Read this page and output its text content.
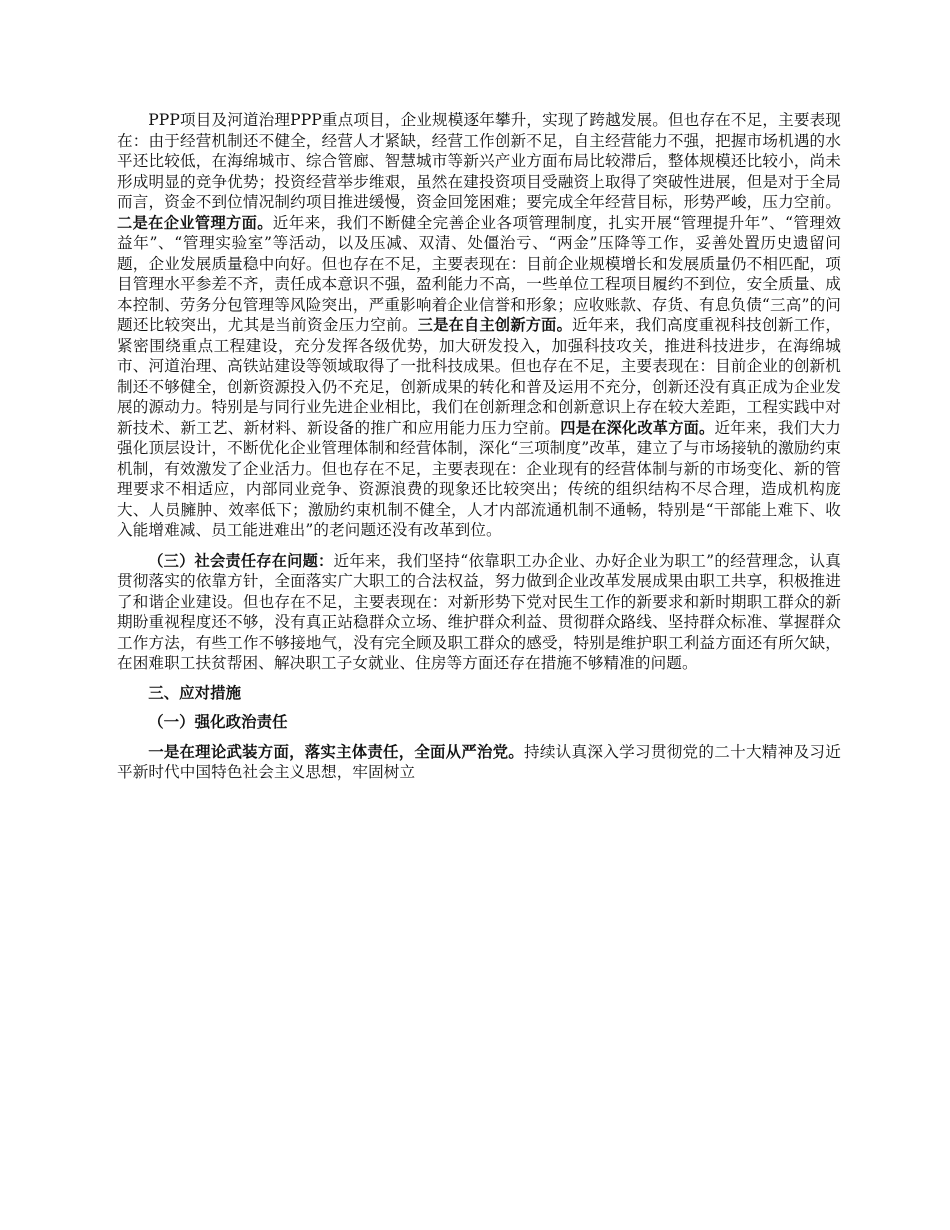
PPP项目及河道治理PPP重点项目，企业规模逐年攀升，实现了跨越发展。但也存在不足，主要表现在：由于经营机制还不健全，经营人才紧缺，经营工作创新不足，自主经营能力不强，把握市场机遇的水平还比较低，在海绵城市、综合管廊、智慧城市等新兴产业方面布局比较滞后，整体规模还比较小，尚未形成明显的竞争优势；投资经营举步维艰，虽然在建投资项目受融资上取得了突破性进展，但是对于全局而言，资金不到位情况制约项目推进缓慢，资金回笼困难；要完成全年经营目标，形势严峻，压力空前。二是在企业管理方面。近年来，我们不断健全完善企业各项管理制度，扎实开展“管理提升年”、“管理效益年”、“管理实验室”等活动，以及压减、双清、处僵治亏、“两金”压降等工作，妥善处置历史遗留问题，企业发展质量稳中向好。但也存在不足，主要表现在：目前企业规模增长和发展质量仍不相匹配，项目管理水平参差不齐，责任成本意识不强，盈利能力不高，一些单位工程项目履约不到位，安全质量、成本控制、劳务分包管理等风险突出，严重影响着企业信誉和形象；应收账款、存货、有息负债“三高”的问题还比较突出，尤其是当前资金压力空前。三是在自主创新方面。近年来，我们高度重视科技创新工作，紧密围绕重点工程建设，充分发挥各级优势，加大研发投入，加强科技攻关，推进科技进步，在海绵城市、河道治理、高铁站建设等领域取得了一批科技成果。但也存在不足，主要表现在：目前企业的创新机制还不够健全，创新资源投入仍不充足，创新成果的转化和普及运用不充分，创新还没有真正成为企业发展的源动力。特别是与同行业先进企业相比，我们在创新理念和创新意识上存在较大差距，工程实践中对新技术、新工艺、新材料、新设备的推广和应用能力压力空前。四是在深化改革方面。近年来，我们大力强化顶层设计，不断优化企业管理体制和经营体制，深化“三项制度”改革，建立了与市场接轨的激励约束机制，有效激发了企业活力。但也存在不足，主要表现在：企业现有的经营体制与新的市场变化、新的管理要求不相适应，内部同业竞争、资源浪费的现象还比较突出；传统的组织结构不尽合理，造成机构庞大、人员臃肿、效率低下；激励约束机制不健全，人才内部流通机制不通畅，特别是“干部能上难下、收入能增难减、员工能进难出”的老问题还没有改革到位。

（三）社会责任存在问题：近年来，我们坚持“依靠职工办企业、办好企业为职工”的经营理念，认真贯彻落实的依靠方针，全面落实广大职工的合法权益，努力做到企业改革发展成果由职工共享，积极推进了和谐企业建设。但也存在不足，主要表现在：对新形势下党对民生工作的新要求和新时期职工群众的新期盼重视程度还不够，没有真正站稳群众立场、维护群众利益、贯彻群众路线、坚持群众标准、掌握群众工作方法，有些工作不够接地气，没有完全顾及职工群众的感受，特别是维护职工利益方面还有所欠缺，在困难职工扶贫帮困、解决职工子女就业、住房等方面还存在措施不够精准的问题。

三、应对措施

（一）强化政治责任

一是在理论武装方面，落实主体责任，全面从严治党。持续认真深入学习贯彻党的二十大精神及习近平新时代中国特色社会主义思想，牢固树立
